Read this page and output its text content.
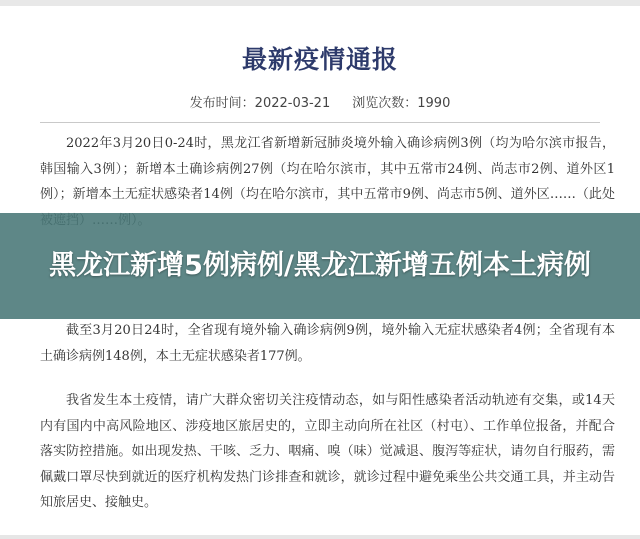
最新疫情通报
发布时间：2022-03-21 浏览次数：1990
2022年3月20日0-24时，黑龙江省新增新冠肺炎境外输入确诊病例3例（均为哈尔滨市报告，韩国输入3例）；新增本土确诊病例27例（均在哈尔滨市，其中五常市24例、尚志市2例、道外区1例）；新增本土无症状感染者14例（均在哈尔滨市，其中五常市9例、尚志市5例、道外区……（此处
截至3月20日24时，全省现有境外输入确诊病例9例，境外输入无症状感染者4例；全省现有本土确诊病例148例，本土无症状感染者177例。
我省发生本土疫情，请广大群众密切关注疫情动态，如与阳性感染者活动轨迹有交集，或14天内有国内中高风险地区、涉疫地区旅居史的，立即主动向所在社区（村屯）、工作单位报备，并配合落实防控措施。如出现发热、干咳、乏力、咽痛、嗅（味）觉减退、腹泻等症状，请勿自行服药，需佩戴口罩尽快到就近的医疗机构发热门诊排查和就诊，就诊过程中避免乘坐公共交通工具，并主动告知旅居史、接触史。
黑龙江新增5例病例/黑龙江新增五例本土病例
